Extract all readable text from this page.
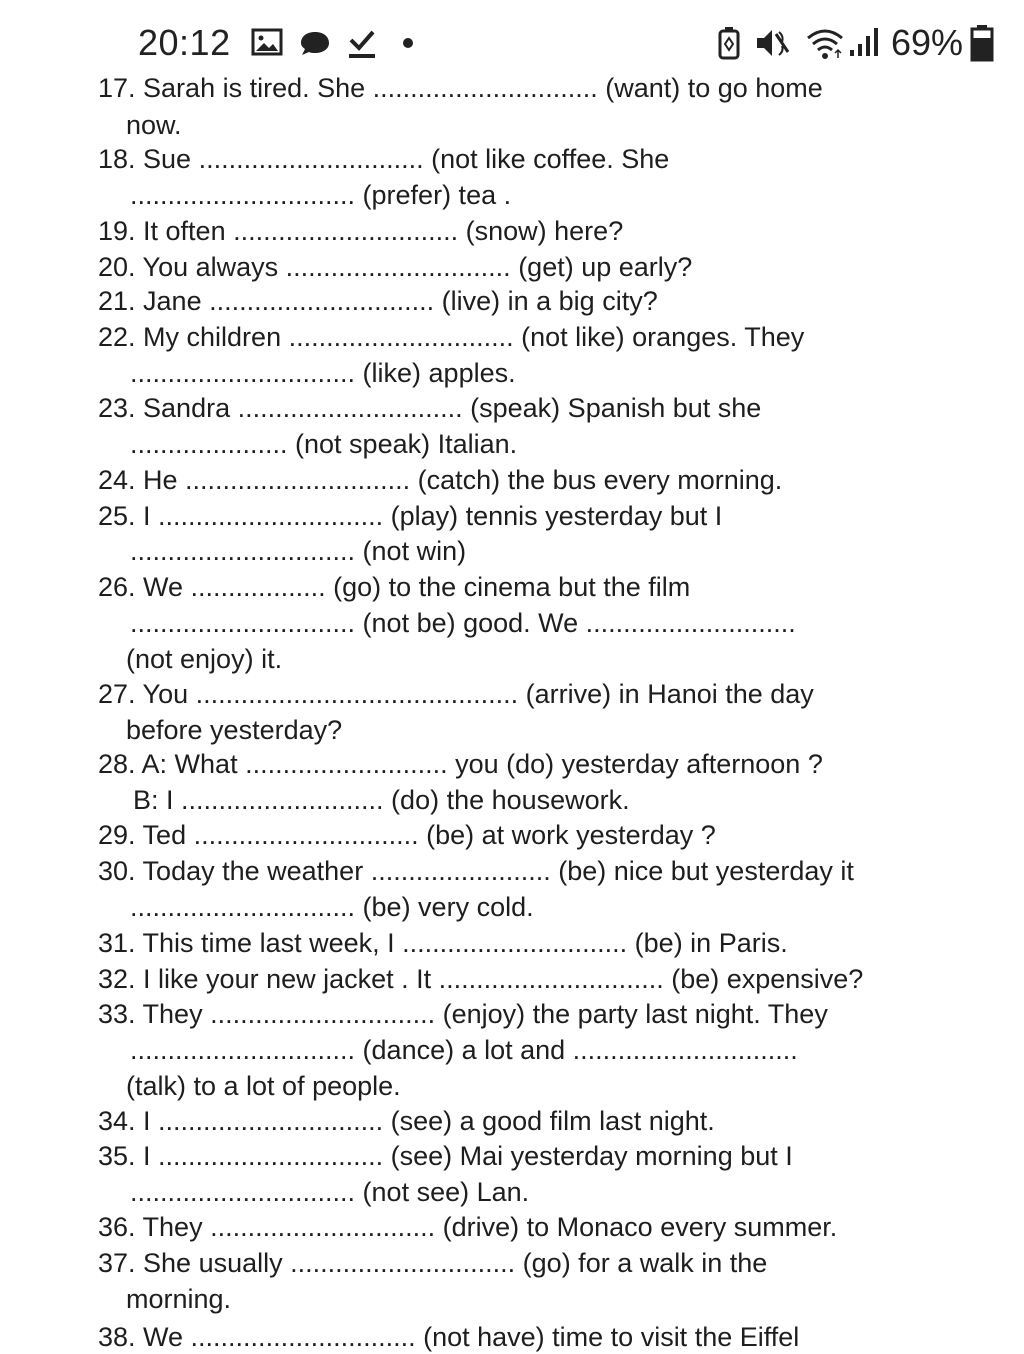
20:12	69%
17. Sarah is tired. She .............................. (want) to go home
now.
18. Sue .............................. (not like coffee. She
.............................. (prefer) tea .
19. It often .............................. (snow) here?
20. You always .............................. (get) up early?
21. Jane .............................. (live) in a big city?
22. My children .............................. (not like) oranges. They
.............................. (like) apples.
23. Sandra .............................. (speak) Spanish but she
..................... (not speak) Italian.
24. He .............................. (catch) the bus every morning.
25. I .............................. (play) tennis yesterday but I
.............................. (not win)
26. We .................. (go) to the cinema but the film
.............................. (not be) good. We ............................
(not enjoy) it.
27. You ........................................... (arrive) in Hanoi the day
before yesterday?
28. A: What ........................... you (do) yesterday afternoon ?
B: I ........................... (do) the housework.
29. Ted .............................. (be) at work yesterday ?
30. Today the weather ........................ (be) nice but yesterday it
.............................. (be) very cold.
31. This time last week, I .............................. (be) in Paris.
32. I like your new jacket . It .............................. (be) expensive?
33. They .............................. (enjoy) the party last night. They
.............................. (dance) a lot and ..............................
(talk) to a lot of people.
34. I .............................. (see) a good film last night.
35. I .............................. (see) Mai yesterday morning but I
.............................. (not see) Lan.
36. They .............................. (drive) to Monaco every summer.
37. She usually .............................. (go) for a walk in the
morning.
38. We .............................. (not have) time to visit the Eiffel
